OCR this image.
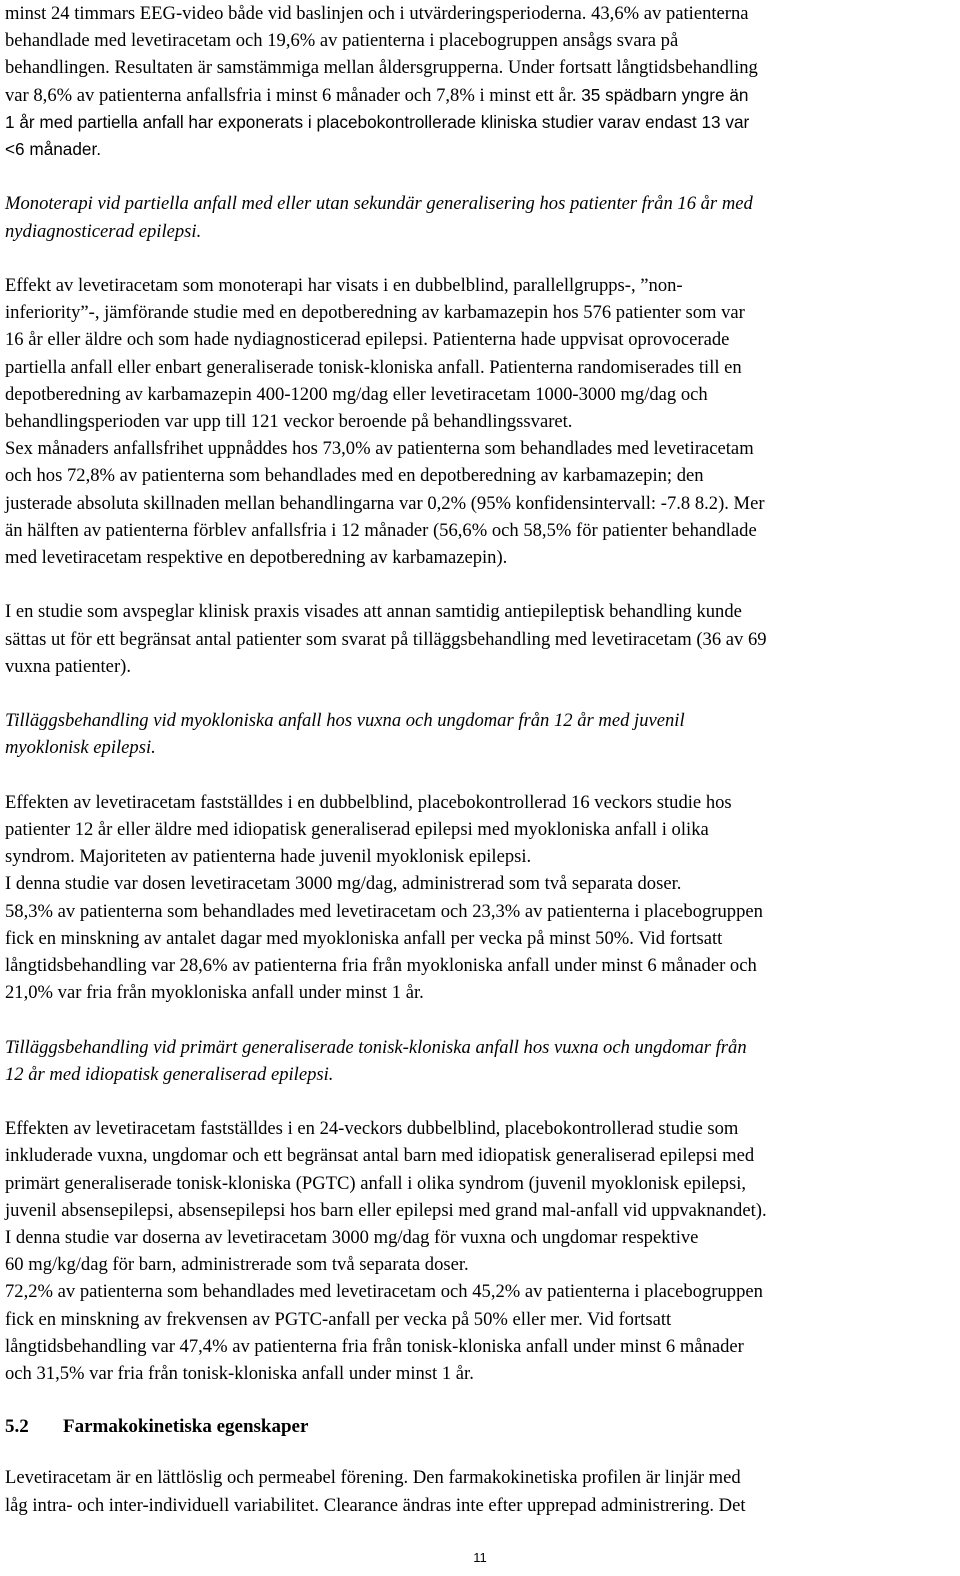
minst 24 timmars EEG-video både vid baslinjen och i utvärderingsperioderna. 43,6% av patienterna
behandlade med levetiracetam och 19,6% av patienterna i placebogruppen ansågs svara på
behandlingen. Resultaten är samstämmiga mellan åldersgrupperna. Under fortsatt långtidsbehandling
var 8,6% av patienterna anfallsfria i minst 6 månader och 7,8% i minst ett år. 35 spädbarn yngre än
1 år med partiella anfall har exponerats i placebokontrollerade kliniska studier varav endast 13 var
<6 månader.

Monoterapi vid partiella anfall med eller utan sekundär generalisering hos patienter från 16 år med
nydiagnosticerad epilepsi.

Effekt av levetiracetam som monoterapi har visats i en dubbelblind, parallellgrupps-, ”non-
inferiority”-, jämförande studie med en depotberedning av karbamazepin hos 576 patienter som var
16 år eller äldre och som hade nydiagnosticerad epilepsi. Patienterna hade uppvisat oprovocerade
partiella anfall eller enbart generaliserade tonisk-kloniska anfall. Patienterna randomiserades till en
depotberedning av karbamazepin 400-1200 mg/dag eller levetiracetam 1000-3000 mg/dag och
behandlingsperioden var upp till 121 veckor beroende på behandlingssvaret.
Sex månaders anfallsfrihet uppnåddes hos 73,0% av patienterna som behandlades med levetiracetam
och hos 72,8% av patienterna som behandlades med en depotberedning av karbamazepin; den
justerade absoluta skillnaden mellan behandlingarna var 0,2% (95% konfidensintervall: -7.8 8.2). Mer
än hälften av patienterna förblev anfallsfria i 12 månader (56,6% och 58,5% för patienter behandlade
med levetiracetam respektive en depotberedning av karbamazepin).

I en studie som avspeglar klinisk praxis visades att annan samtidig antiepileptisk behandling kunde
sättas ut för ett begränsat antal patienter som svarat på tilläggsbehandling med levetiracetam (36 av 69
vuxna patienter).

Tilläggsbehandling vid myokloniska anfall hos vuxna och ungdomar från 12 år med juvenil
myoklonisk epilepsi.

Effekten av levetiracetam fastställdes i en dubbelblind, placebokontrollerad 16 veckors studie hos
patienter 12 år eller äldre med idiopatisk generaliserad epilepsi med myokloniska anfall i olika
syndrom. Majoriteten av patienterna hade juvenil myoklonisk epilepsi.
I denna studie var dosen levetiracetam 3000 mg/dag, administrerad som två separata doser.
58,3% av patienterna som behandlades med levetiracetam och 23,3% av patienterna i placebogruppen
fick en minskning av antalet dagar med myokloniska anfall per vecka på minst 50%. Vid fortsatt
långtidsbehandling var 28,6% av patienterna fria från myokloniska anfall under minst 6 månader och
21,0% var fria från myokloniska anfall under minst 1 år.

Tilläggsbehandling vid primärt generaliserade tonisk-kloniska anfall hos vuxna och ungdomar från
12 år med idiopatisk generaliserad epilepsi.

Effekten av levetiracetam fastställdes i en 24-veckors dubbelblind, placebokontrollerad studie som
inkluderade vuxna, ungdomar och ett begränsat antal barn med idiopatisk generaliserad epilepsi med
primärt generaliserade tonisk-kloniska (PGTC) anfall i olika syndrom (juvenil myoklonisk epilepsi,
juvenil absensepilepsi, absensepilepsi hos barn eller epilepsi med grand mal-anfall vid uppvaknandet).
I denna studie var doserna av levetiracetam 3000 mg/dag för vuxna och ungdomar respektive
60 mg/kg/dag för barn, administrerade som två separata doser.
72,2% av patienterna som behandlades med levetiracetam och 45,2% av patienterna i placebogruppen
fick en minskning av frekvensen av PGTC-anfall per vecka på 50% eller mer. Vid fortsatt
långtidsbehandling var 47,4% av patienterna fria från tonisk-kloniska anfall under minst 6 månader
och 31,5% var fria från tonisk-kloniska anfall under minst 1 år.

5.2	Farmakokinetiska egenskaper

Levetiracetam är en lättlöslig och permeabel förening. Den farmakokinetiska profilen är linjär med
låg intra- och inter-individuell variabilitet. Clearance ändras inte efter upprepad administrering. Det

11
